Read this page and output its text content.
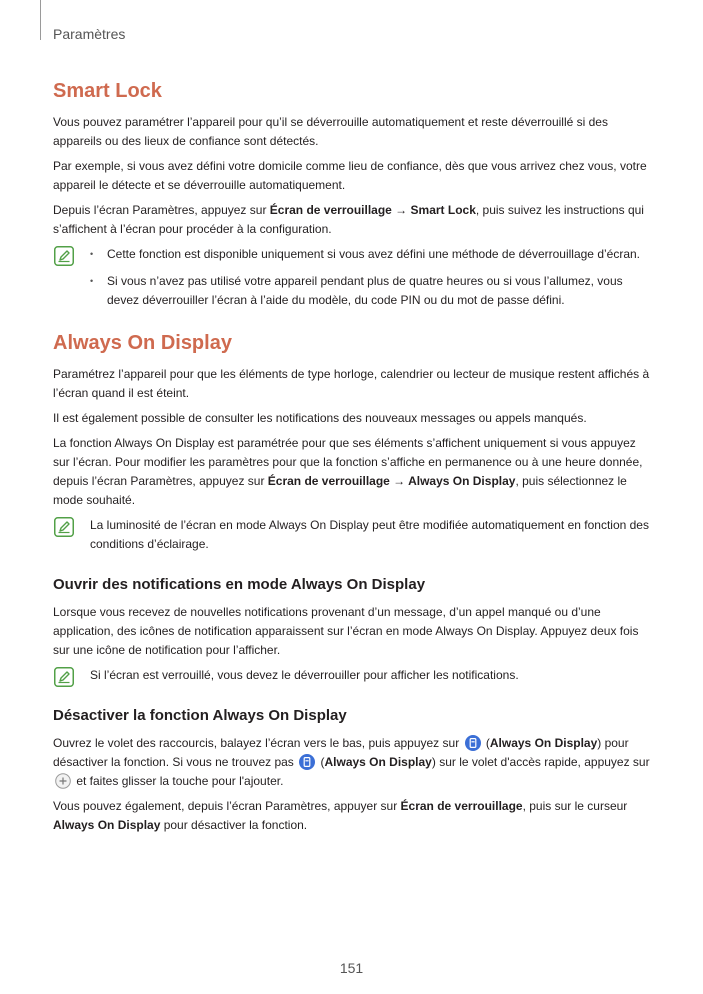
Paramètres
Smart Lock

Vous pouvez paramétrer l’appareil pour qu’il se déverrouille automatiquement et reste déverrouillé si des appareils ou des lieux de confiance sont détectés.

Par exemple, si vous avez défini votre domicile comme lieu de confiance, dès que vous arrivez chez vous, votre appareil le détecte et se déverrouille automatiquement.

Depuis l’écran Paramètres, appuyez sur Écran de verrouillage → Smart Lock, puis suivez les instructions qui s’affichent à l’écran pour procéder à la configuration.

• Cette fonction est disponible uniquement si vous avez défini une méthode de déverrouillage d’écran.
• Si vous n’avez pas utilisé votre appareil pendant plus de quatre heures ou si vous l’allumez, vous devez déverrouiller l’écran à l’aide du modèle, du code PIN ou du mot de passe défini.
Always On Display

Paramétrez l’appareil pour que les éléments de type horloge, calendrier ou lecteur de musique restent affichés à l’écran quand il est éteint.

Il est également possible de consulter les notifications des nouveaux messages ou appels manqués.

La fonction Always On Display est paramétrée pour que ses éléments s’affichent uniquement si vous appuyez sur l’écran. Pour modifier les paramètres pour que la fonction s’affiche en permanence ou à une heure donnée, depuis l’écran Paramètres, appuyez sur Écran de verrouillage → Always On Display, puis sélectionnez le mode souhaité.

La luminosité de l’écran en mode Always On Display peut être modifiée automatiquement en fonction des conditions d’éclairage.

Ouvrir des notifications en mode Always On Display

Lorsque vous recevez de nouvelles notifications provenant d’un message, d’un appel manqué ou d’une application, des icônes de notification apparaissent sur l’écran en mode Always On Display. Appuyez deux fois sur une icône de notification pour l’afficher.

Si l’écran est verrouillé, vous devez le déverrouiller pour afficher les notifications.

Désactiver la fonction Always On Display

Ouvrez le volet des raccourcis, balayez l’écran vers le bas, puis appuyez sur  (Always On Display) pour désactiver la fonction. Si vous ne trouvez pas  (Always On Display) sur le volet d'accès rapide, appuyez sur  et faites glisser la touche pour l'ajouter.

Vous pouvez également, depuis l’écran Paramètres, appuyer sur Écran de verrouillage, puis sur le curseur Always On Display pour désactiver la fonction.

151
